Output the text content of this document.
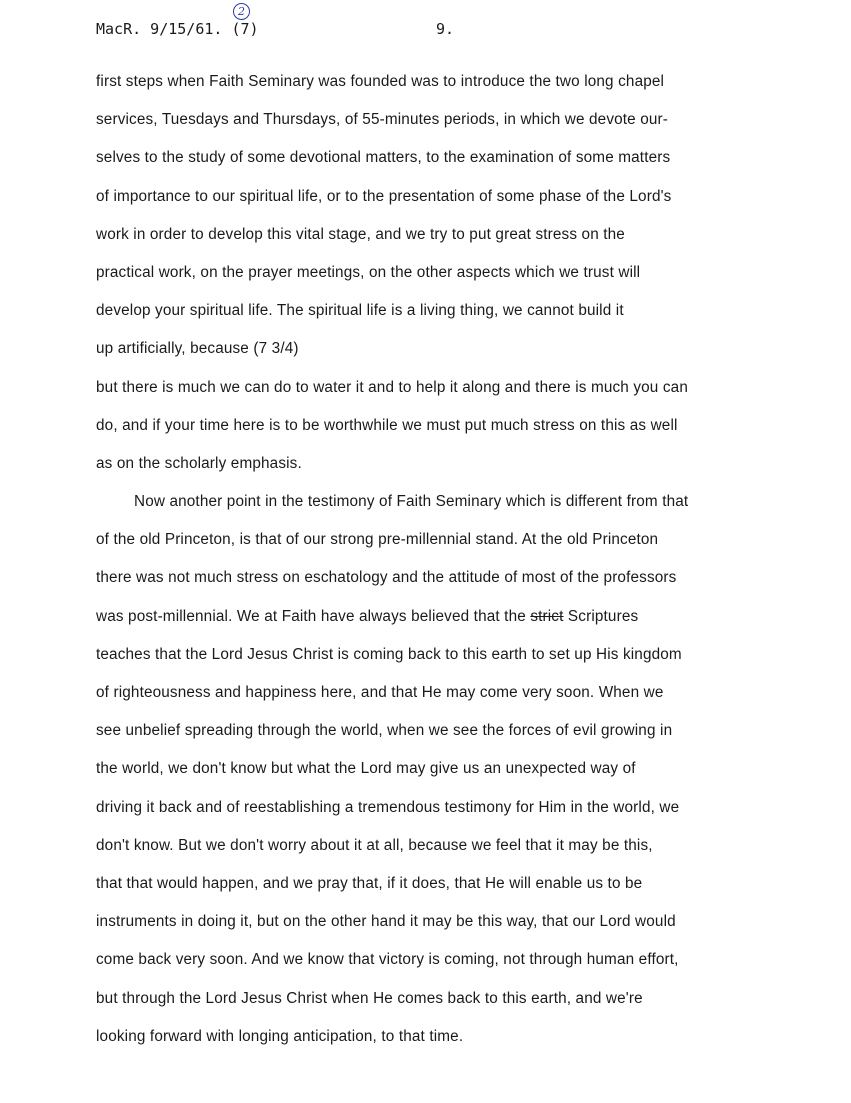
MacR. 9/15/61. (7)
2
9.
first steps when Faith Seminary was founded was to introduce the two long chapel
services, Tuesdays and Thursdays, of 55-minutes periods, in which we devote our-
selves to the study of some devotional matters, to the examination of some matters
of importance to our spiritual life, or to the presentation of some phase of the Lord's
work in order to develop this vital stage, and we try to put great stress on the
practical work, on the prayer meetings, on the other aspects which we trust will
develop your spiritual life. The spiritual life is a living thing, we cannot build it
up artificially, because (7 3/4)
but there is much we can do to water it and to help it along and there is much you can
do, and if your time here is to be worthwhile we must put much stress on this as well
as on the scholarly emphasis.
Now another point in the testimony of Faith Seminary which is different from that
of the old Princeton, is that of our strong pre-millennial stand. At the old Princeton
there was not much stress on eschatology and the attitude of most of the professors
was post-millennial. We at Faith have always believed that the strict Scriptures
teaches that the Lord Jesus Christ is coming back to this earth to set up His kingdom
of righteousness and happiness here, and that He may come very soon. When we
see unbelief spreading through the world, when we see the forces of evil growing in
the world, we don't know but what the Lord may give us an unexpected way of
driving it back and of reestablishing a tremendous testimony for Him in the world, we
don't know. But we don't worry about it at all, because we feel that it may be this,
that that would happen, and we pray that, if it does, that He will enable us to be
instruments in doing it, but on the other hand it may be this way, that our Lord would
come back very soon. And we know that victory is coming, not through human effort,
but through the Lord Jesus Christ when He comes back to this earth, and we're
looking forward with longing anticipation, to that time.
